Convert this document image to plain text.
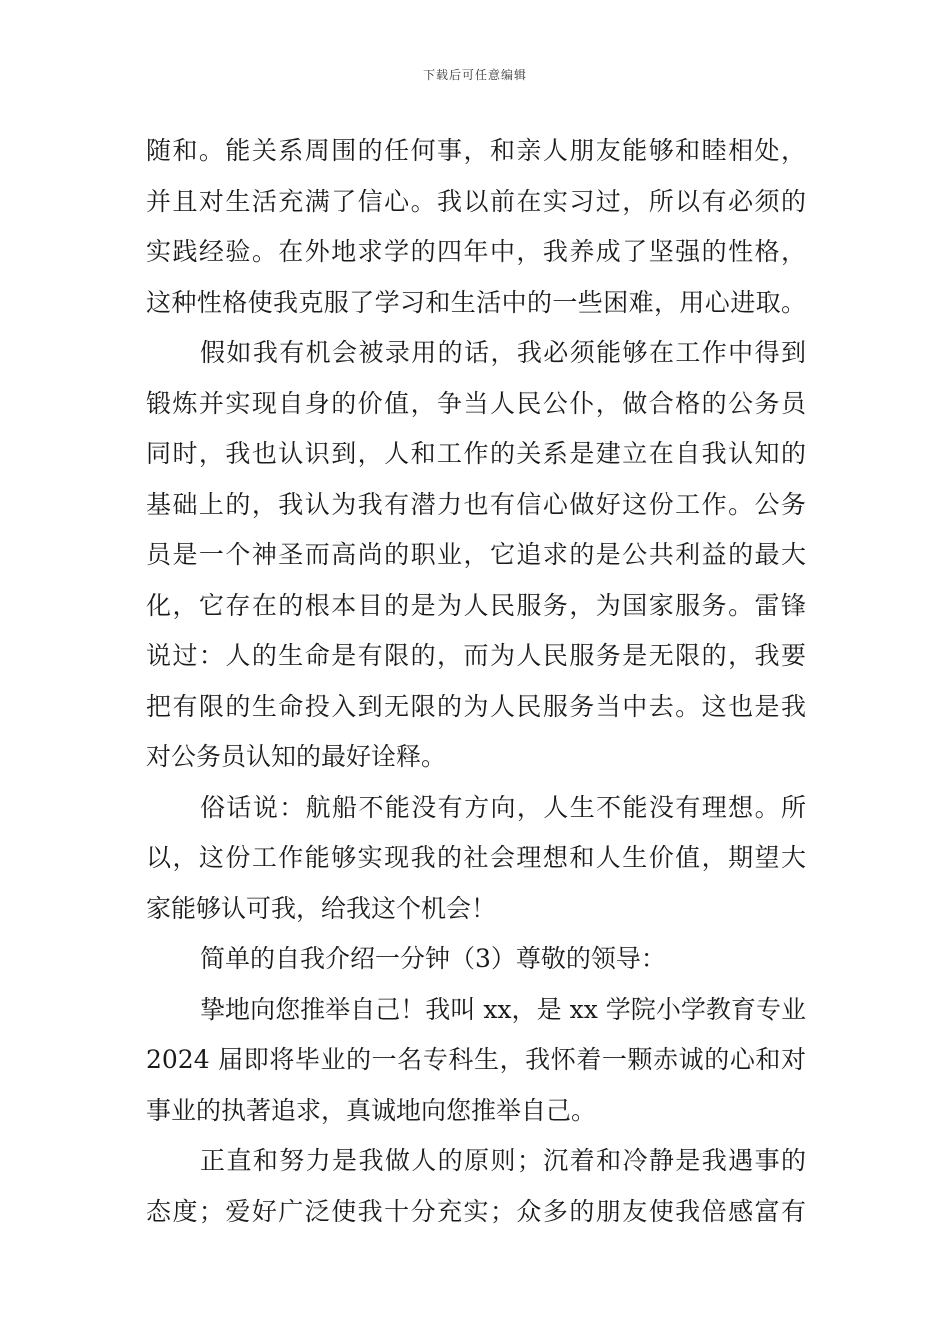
下载后可任意编辑
随和。能关系周围的任何事，和亲人朋友能够和睦相处，
并且对生活充满了信心。我以前在实习过，所以有必须的
实践经验。在外地求学的四年中，我养成了坚强的性格，
这种性格使我克服了学习和生活中的一些困难，用心进取。
假如我有机会被录用的话，我必须能够在工作中得到
锻炼并实现自身的价值，争当人民公仆，做合格的公务员
同时，我也认识到，人和工作的关系是建立在自我认知的
基础上的，我认为我有潜力也有信心做好这份工作。公务
员是一个神圣而高尚的职业，它追求的是公共利益的最大
化，它存在的根本目的是为人民服务，为国家服务。雷锋
说过：人的生命是有限的，而为人民服务是无限的，我要
把有限的生命投入到无限的为人民服务当中去。这也是我
对公务员认知的最好诠释。
俗话说：航船不能没有方向，人生不能没有理想。所
以，这份工作能够实现我的社会理想和人生价值，期望大
家能够认可我，给我这个机会！
简单的自我介绍一分钟（3）尊敬的领导：
挚地向您推举自己！我叫 xx，是 xx 学院小学教育专业
2024 届即将毕业的一名专科生，我怀着一颗赤诚的心和对
事业的执著追求，真诚地向您推举自己。
正直和努力是我做人的原则；沉着和冷静是我遇事的
态度；爱好广泛使我十分充实；众多的朋友使我倍感富有
